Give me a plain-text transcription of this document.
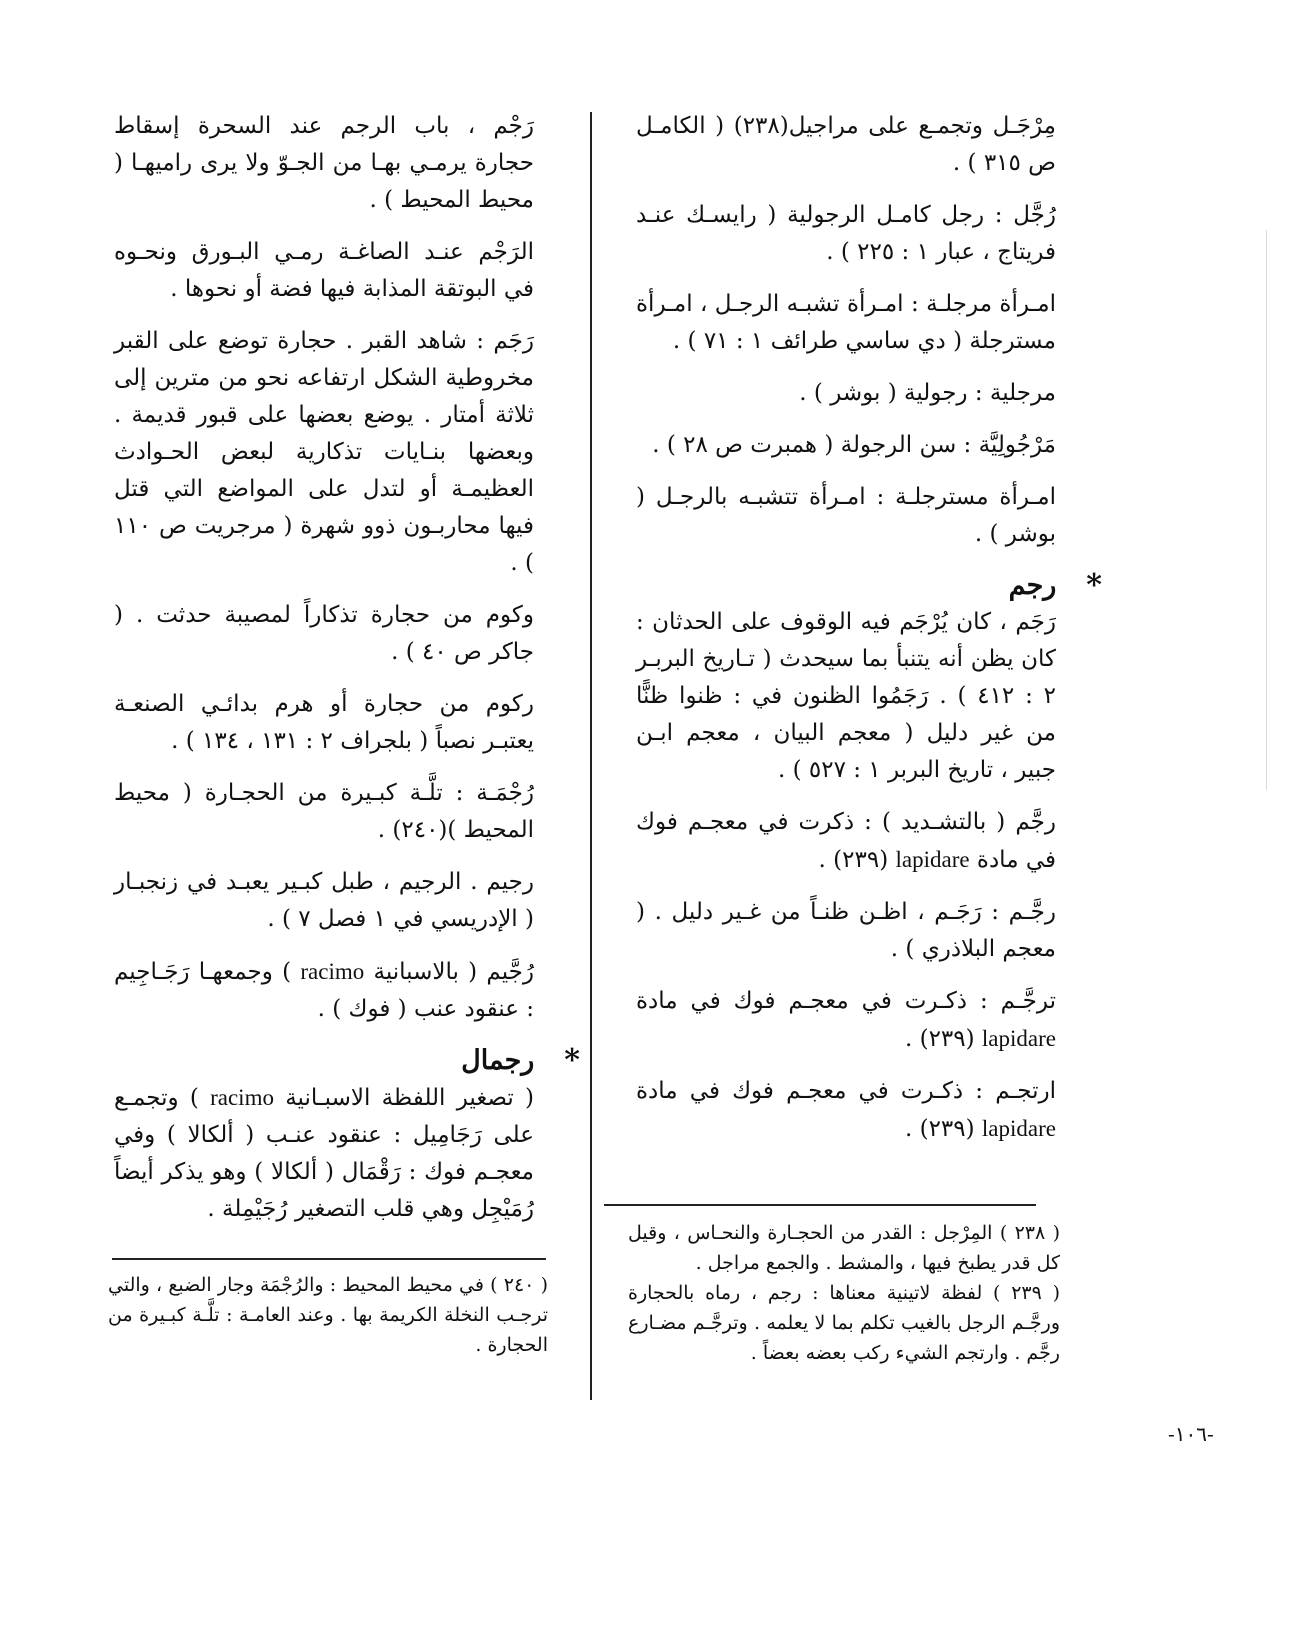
مِرْجَـل وتجمـع على مراجيل(٢٣٨) ( الكامـل ص ٣١٥ ) .

رُجَّل : رجل كامـل الرجولية ( رايسـك عنـد فريتاج ، عبار ١ : ٢٢٥ ) .

امـرأة مرجلـة : امـرأة تشبـه الرجـل ، امـرأة مسترجلة ( دي ساسي طرائف ١ : ٧١ ) .

مرجلية : رجولية ( بوشر ) .

مَرْجُولِيَّة : سن الرجولة ( همبرت ص ٢٨ ) .

امـرأة مسترجلـة : امـرأة تتشبـه بالرجـل ( بوشر ) .

*
رجم

رَجَم ، كان يُرْجَم فيه الوقوف على الحدثان : كان يظن أنه يتنبأ بما سيحدث ( تـاريخ البربـر ٢ : ٤١٢ ) . رَجَمُوا الظنون في : ظنوا ظنًّا من غير دليل ( معجم البيان ، معجم ابـن جبير ، تاريخ البربر ١ : ٥٢٧ ) .

رجَّم ( بالتشـديد ) : ذكرت في معجـم فوك في مادة lapidare (٢٣٩) .

رجَّـم : رَجَـم ، اظـن ظنـاً من غـير دليل . ( معجم البلاذري ) .

ترجَّـم : ذكـرت في معجـم فوك في مادة lapidare (٢٣٩) .

ارتجـم : ذكـرت في معجـم فوك في مادة lapidare (٢٣٩) .

رَجْم ، باب الرجم عند السحرة إسقاط حجارة يرمـي بهـا من الجـوّ ولا يرى راميهـا ( محيط المحيط ) .

الرَجْم عنـد الصاغـة رمـي البـورق ونحـوه في البوتقة المذابة فيها فضة أو نحوها .

رَجَم : شاهد القبر . حجارة توضع على القبر مخروطية الشكل ارتفاعه نحو من مترين إلى ثلاثة أمتار . يوضع بعضها على قبور قديمة . وبعضها بنـايات تذكارية لبعض الحـوادث العظيمـة أو لتدل على المواضع التي قتل فيها محاربـون ذوو شهرة ( مرجريت ص ١١٠ ) .

وكوم من حجارة تذكاراً لمصيبة حدثت . ( جاكر ص ٤٠ ) .

ركوم من حجارة أو هرم بدائـي الصنعـة يعتبـر نصباً ( بلجراف ٢ : ١٣١ ، ١٣٤ ) .

رُجْمَـة : تلَّـة كبـيرة من الحجـارة ( محيط المحيط )(٢٤٠) .

رجيم . الرجيم ، طبل كبـير يعبـد في زنجبـار ( الإدريسي في ١ فصل ٧ ) .

رُجَّيم ( بالاسبانية racimo ) وجمعهـا رَجَـاجِيم : عنقود عنب ( فوك ) .

*
رجمال

( تصغير اللفظة الاسبـانية racimo ) وتجمـع على رَجَامِيل : عنقود عنـب ( ألكالا ) وفي معجـم فوك : رَقْمَال ( ألكالا ) وهو يذكر أيضاً رُمَيْجِل وهي قلب التصغير رُجَيْمِلة .

( ٢٣٨ ) المِرْجل : القدر من الحجـارة والنحـاس ، وقيل كل قدر يطبخ فيها ، والمشط . والجمع مراجل .

( ٢٣٩ ) لفظة لاتينية معناها : رجم ، رماه بالحجارة ورجَّـم الرجل بالغيب تكلم بما لا يعلمه . وترجَّـم مضـارع رجَّم . وارتجم الشيء ركب بعضه بعضاً .

( ٢٤٠ ) في محيط المحيط : والرُجْمَة وجار الضبع ، والتي ترجـب النخلة الكريمة بها . وعند العامـة : تلَّـة كبـيرة من الحجارة .

-١٠٦-
